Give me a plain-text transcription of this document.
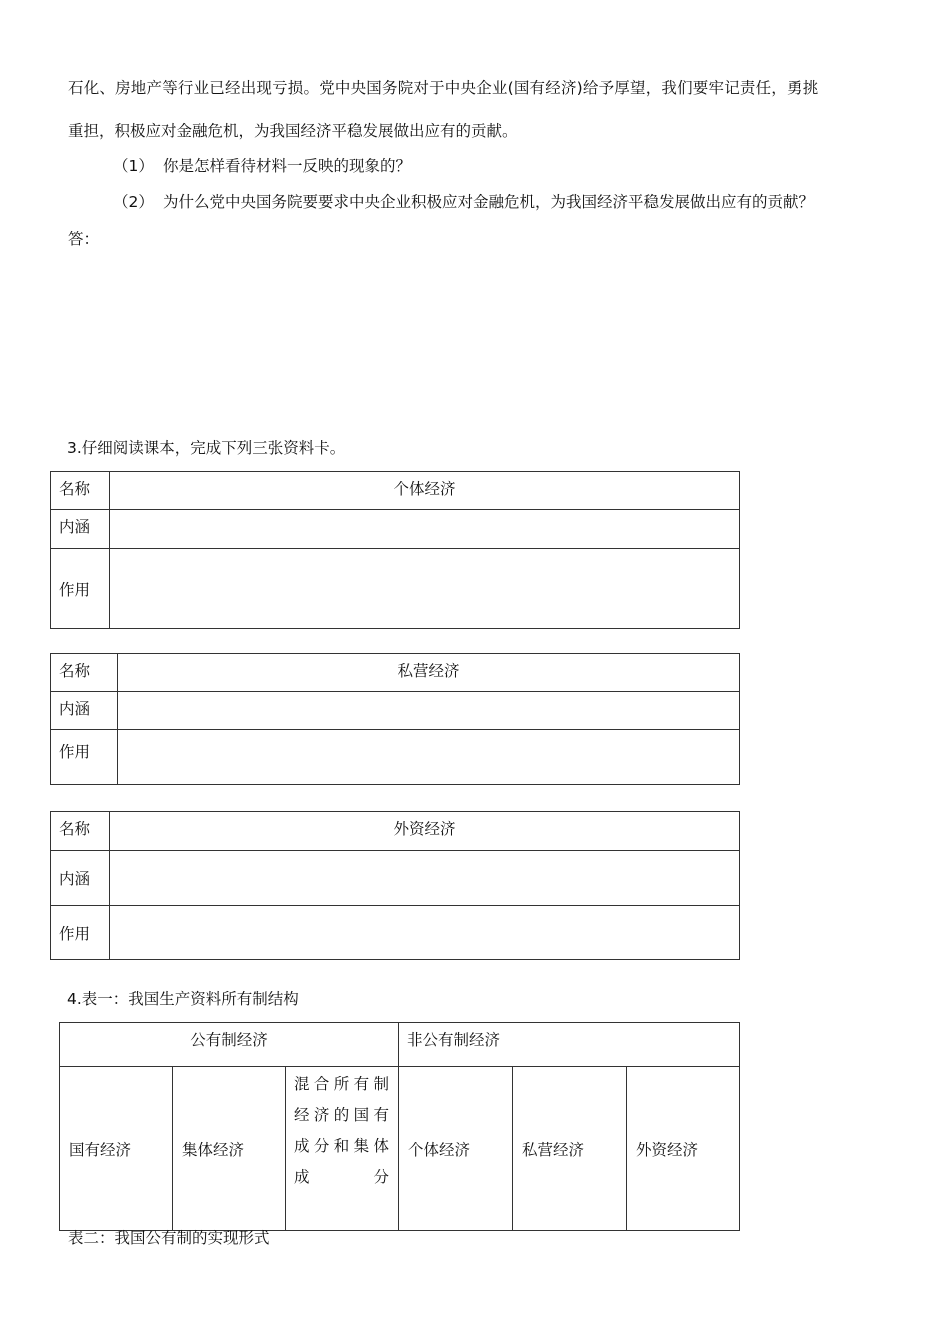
石化、房地产等行业已经出现亏损。党中央国务院对于中央企业(国有经济)给予厚望，我们要牢记责任，勇挑
重担，积极应对金融危机，为我国经济平稳发展做出应有的贡献。
（1） 你是怎样看待材料一反映的现象的？
（2） 为什么党中央国务院要要求中央企业积极应对金融危机，为我国经济平稳发展做出应有的贡献？
答：
3.仔细阅读课本，完成下列三张资料卡。
名称	个体经济
内涵	
作用	
名称	私营经济
内涵	
作用	
名称	外资经济
内涵	
作用	
4.表一：我国生产资料所有制结构
公有制经济			非公有制经济		
国有经济	集体经济	混合所有制经济的国有成分和集体成分	个体经济	私营经济	外资经济
表二：我国公有制的实现形式
